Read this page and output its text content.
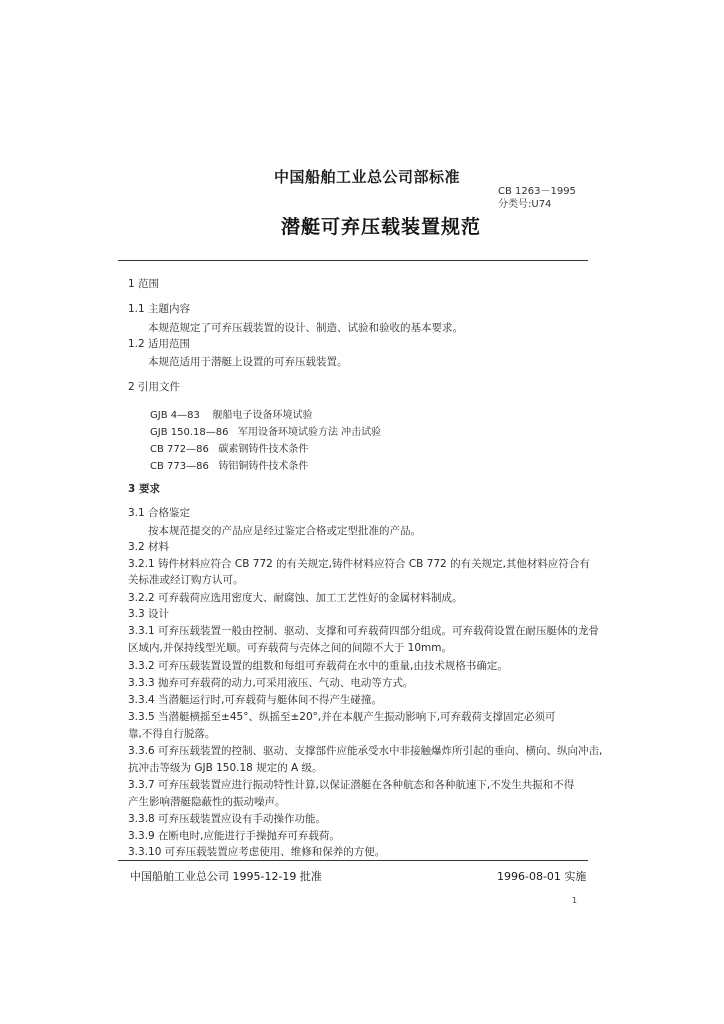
中国船舶工业总公司部标准
CB 1263－1995
分类号:U74
潜艇可弃压载装置规范
1 范围
1.1 主题内容
本规范规定了可弃压载装置的设计、制造、试验和验收的基本要求。
1.2 适用范围
本规范适用于潜艇上设置的可弃压载装置。
2 引用文件
GJB 4—83 舰船电子设备环境试验
GJB 150.18—86 军用设备环境试验方法 冲击试验
CB 772—86 碳素钢铸件技术条件
CB 773—86 铸铝铜铸件技术条件
3 要求
3.1 合格鉴定
按本规范提交的产品应是经过鉴定合格或定型批准的产品。
3.2 材料
3.2.1 铸件材料应符合 CB 772 的有关规定,铸件材料应符合 CB 772 的有关规定,其他材料应符合有
关标准或经订购方认可。
3.2.2 可弃载荷应选用密度大、耐腐蚀、加工工艺性好的金属材料制成。
3.3 设计
3.3.1 可弃压载装置一般由控制、驱动、支撑和可弃载荷四部分组成。可弃载荷设置在耐压艇体的龙骨
区域内,并保持线型光顺。可弃载荷与壳体之间的间隙不大于 10mm。
3.3.2 可弃压载装置设置的组数和每组可弃载荷在水中的重量,由技术规格书确定。
3.3.3 抛弃可弃载荷的动力,可采用液压、气动、电动等方式。
3.3.4 当潜艇运行时,可弃载荷与艇体间不得产生碰撞。
3.3.5 当潜艇横摇至±45°、纵摇至±20°,并在本舰产生振动影响下,可弃载荷支撑固定必须可
靠,不得自行脱落。
3.3.6 可弃压载装置的控制、驱动、支撑部件应能承受水中非接触爆炸所引起的垂向、横向、纵向冲击,
抗冲击等级为 GJB 150.18 规定的 A 级。
3.3.7 可弃压载装置应进行振动特性计算,以保证潜艇在各种航态和各种航速下,不发生共振和不得
产生影响潜艇隐蔽性的振动噪声。
3.3.8 可弃压载装置应设有手动操作功能。
3.3.9 在断电时,应能进行手操抛弃可弃载荷。
3.3.10 可弃压载装置应考虑使用、维修和保养的方便。
中国船舶工业总公司 1995-12-19 批准	1996-08-01 实施
1
